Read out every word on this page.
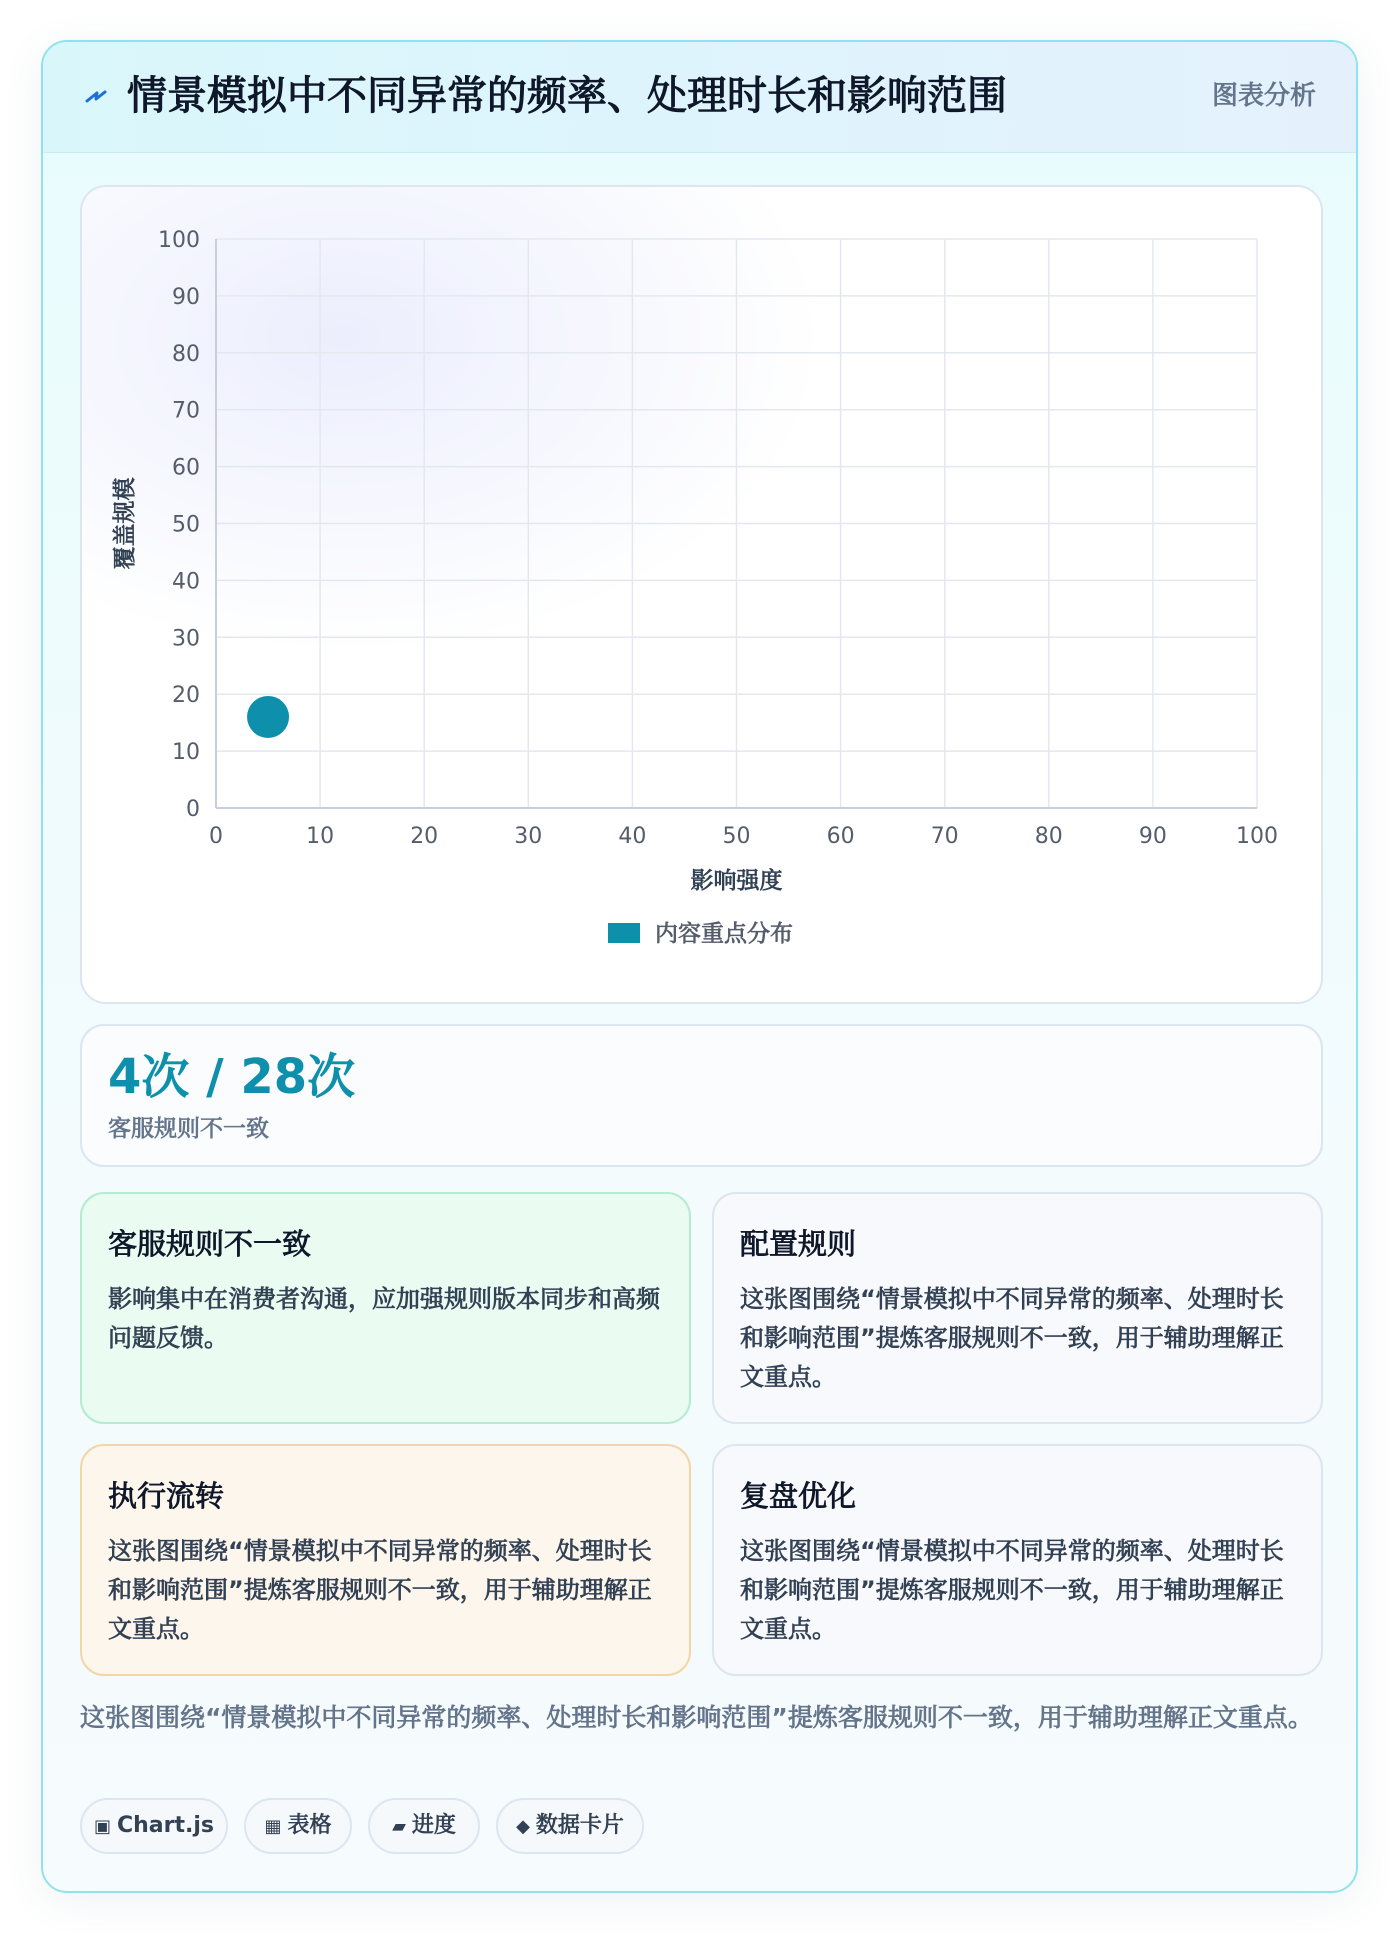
情景模拟中不同异常的频率、处理时长和影响范围	图表分析
0	10	20	30	40	50	60	70	80	90	100
0
10
20
30
40
50
60
70
80
90
100
影响强度
覆盖规模
内容重点分布
4次 / 28次
客服规则不一致
客服规则不一致
影响集中在消费者沟通，应加强规则版本同步和高频问题反馈。
配置规则
这张图围绕“情景模拟中不同异常的频率、处理时长和影响范围”提炼客服规则不一致，用于辅助理解正文重点。
执行流转
这张图围绕“情景模拟中不同异常的频率、处理时长和影响范围”提炼客服规则不一致，用于辅助理解正文重点。
复盘优化
这张图围绕“情景模拟中不同异常的频率、处理时长和影响范围”提炼客服规则不一致，用于辅助理解正文重点。
这张图围绕“情景模拟中不同异常的频率、处理时长和影响范围”提炼客服规则不一致，用于辅助理解正文重点。
▣ Chart.js	▦ 表格	▰ 进度	◆ 数据卡片
